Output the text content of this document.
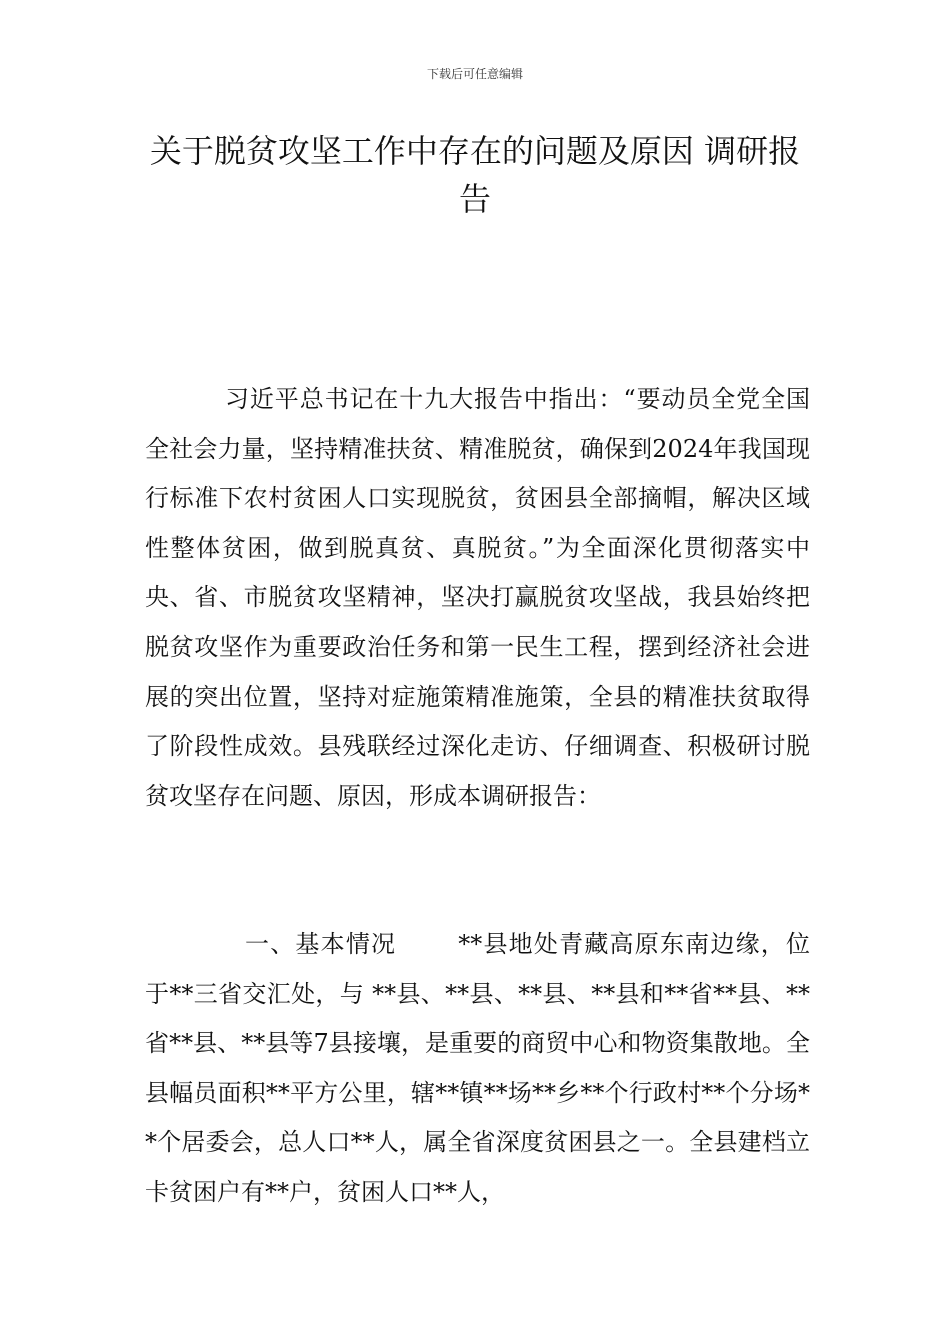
下载后可任意编辑
关于脱贫攻坚工作中存在的问题及原因 调研报告

习近平总书记在十九大报告中指出：“要动员全党全国全社会力量，坚持精准扶贫、精准脱贫，确保到2024年我国现行标准下农村贫困人口实现脱贫，贫困县全部摘帽，解决区域性整体贫困，做到脱真贫、真脱贫。”为全面深化贯彻落实中央、省、市脱贫攻坚精神，坚决打赢脱贫攻坚战，我县始终把脱贫攻坚作为重要政治任务和第一民生工程，摆到经济社会进展的突出位置，坚持对症施策精准施策，全县的精准扶贫取得了阶段性成效。县残联经过深化走访、仔细调查、积极研讨脱贫攻坚存在问题、原因，形成本调研报告：

一、基本情况	**县地处青藏高原东南边缘，位于**三省交汇处，与 **县、**县、**县、**县和**省**县、**省**县、**县等7县接壤，是重要的商贸中心和物资集散地。全县幅员面积**平方公里，辖**镇**场**乡**个行政村**个分场**个居委会，总人口**人，属全省深度贫困县之一。全县建档立卡贫困户有**户，贫困人口**人，
